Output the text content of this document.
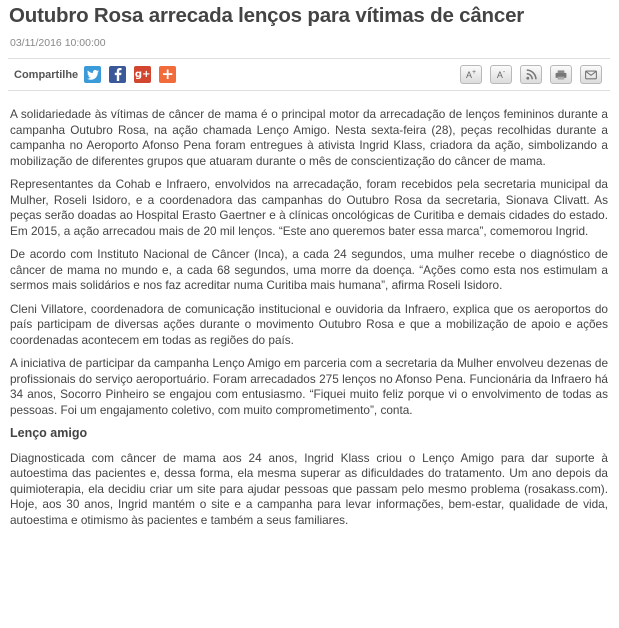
Outubro Rosa arrecada lenços para vítimas de câncer
03/11/2016 10:00:00
Compartilhe	g+ +	A+ A-

A solidariedade às vítimas de câncer de mama é o principal motor da arrecadação de lenços femininos durante a campanha Outubro Rosa, na ação chamada Lenço Amigo. Nesta sexta-feira (28), peças recolhidas durante a campanha no Aeroporto Afonso Pena foram entregues à ativista Ingrid Klass, criadora da ação, simbolizando a mobilização de diferentes grupos que atuaram durante o mês de conscientização do câncer de mama.

Representantes da Cohab e Infraero, envolvidos na arrecadação, foram recebidos pela secretaria municipal da Mulher, Roseli Isidoro, e a coordenadora das campanhas do Outubro Rosa da secretaria, Sionava Clivatt. As peças serão doadas ao Hospital Erasto Gaertner e à clínicas oncológicas de Curitiba e demais cidades do estado. Em 2015, a ação arrecadou mais de 20 mil lenços. “Este ano queremos bater essa marca”, comemorou Ingrid.

De acordo com Instituto Nacional de Câncer (Inca), a cada 24 segundos, uma mulher recebe o diagnóstico de câncer de mama no mundo e, a cada 68 segundos, uma morre da doença. “Ações como esta nos estimulam a sermos mais solidários e nos faz acreditar numa Curitiba mais humana”, afirma Roseli Isidoro.

Cleni Villatore, coordenadora de comunicação institucional e ouvidoria da Infraero, explica que os aeroportos do país participam de diversas ações durante o movimento Outubro Rosa e que a mobilização de apoio e ações coordenadas acontecem em todas as regiões do país.

A iniciativa de participar da campanha Lenço Amigo em parceria com a secretaria da Mulher envolveu dezenas de profissionais do serviço aeroportuário. Foram arrecadados 275 lenços no Afonso Pena. Funcionária da Infraero há 34 anos, Socorro Pinheiro se engajou com entusiasmo. “Fiquei muito feliz porque vi o envolvimento de todas as pessoas. Foi um engajamento coletivo, com muito comprometimento”, conta.

Lenço amigo

Diagnosticada com câncer de mama aos 24 anos, Ingrid Klass criou o Lenço Amigo para dar suporte à autoestima das pacientes e, dessa forma, ela mesma superar as dificuldades do tratamento. Um ano depois da quimioterapia, ela decidiu criar um site para ajudar pessoas que passam pelo mesmo problema (rosakass.com). Hoje, aos 30 anos, Ingrid mantém o site e a campanha para levar informações, bem-estar, qualidade de vida, autoestima e otimismo às pacientes e também a seus familiares.
